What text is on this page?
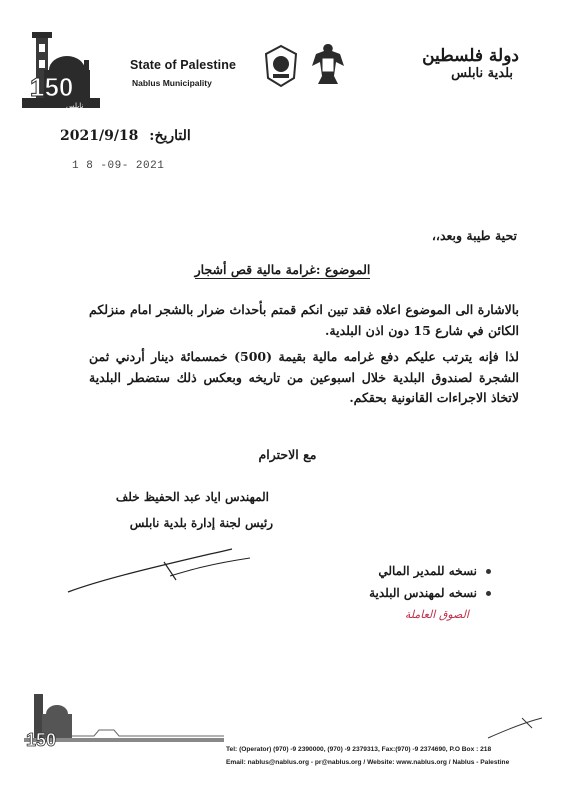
150
نابلس
State of Palestine
Nablus Municipality
دولة فلسطين
بلدية نابلس
التاريخ: 2021/9/18
1 8 -09- 2021
تحية طيبة وبعد،،
الموضوع :غرامة مالية قص أشجار
بالاشارة الى الموضوع اعلاه فقد تبين انكم قمتم بأحداث ضرار بالشجر امام منزلكم الكائن في شارع 15 دون اذن البلدية.
لذا فإنه يترتب عليكم دفع غرامه مالية بقيمة (500) خمسمائة دينار أردني ثمن الشجرة لصندوق البلدية خلال اسبوعين من تاريخه وبعكس ذلك ستضطر البلدية لاتخاذ الاجراءات القانونية بحقكم.
مع الاحترام
المهندس اياد عبد الحفيظ خلف
رئيس لجنة إدارة بلدية نابلس
نسخه للمدير المالي
نسخه لمهندس البلدية
الصوق العاملة
150	Tel: (Operator) (970) -9 2390000, (970) -9 2379313, Fax:(970) -9 2374690, P.O Box : 218
Email: nablus@nablus.org - pr@nablus.org / Website: www.nablus.org / Nablus - Palestine
